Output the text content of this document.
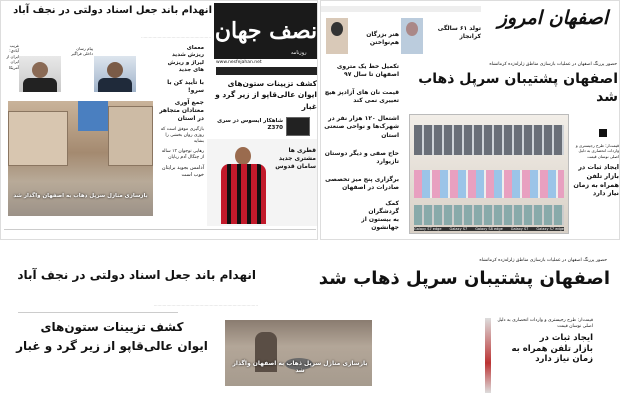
انهدام باند جعل اسناد دولتی در نجف آباد
....................................................... نصف جهان
روزنامه
www.nesfejahan.net
غريب آبادي: ايران از ايران آمريكا
پیام رسان داخلی فراگیر
معمای
ریزش شدید لیراژ و ریزش های جدید
با تأیید کن با سرو!
جمع آوری معتادان متجاهر در استان
بازگیری موفق است که روزی روان بخشی را بشاید
رهایی نوجوان ۱۳ ساله از چنگال آدم ربایان
آدامس بجوید برایتان خوب است
بازسازی منازل سرپل ذهاب به اصفهان واگذار شد
کشف تزیینات ستون‌های ایوان عالی‌قاپو از زیر گرد و غبار
شاهکار ایسوس در سری Z370
قطری ها مشتری جدید سامان قدوس
اصفهان امروز
هنر بزرگان هم‌نواختن
تولد ۶۱ سالگی کرانجاز
حضور پررنگ اصفهان در عملیات بازسازی مناطق زلزله‌زده کرمانشاه
اصفهان پشتیبان سرپل ذهاب شد
تکمیل خط یک متروی اصفهان تا سال ۹۷
قیمت نان های آزادپز هیچ تغییری نمی کند
اشتغال ۱۲۰ هزار نفر در شهرک‌ها و نواحی صنعتی استان
حاج صفی و دیگر دوستان تازیوارد
برگزاری پنج میز تخصصی صادرات در اصفهان
کمک گردشگران به بیستون از جهانشون	Galaxy S7 edge Galaxy S7 Galaxy S8 edge Galaxy S7 Galaxy S7 edge
قیمت‌ار: طرح رجیستری و واردات انحصاری به دلیل اصلی نوسان قیمت
ایجاد ثبات در بازار تلفن همراه به زمان نیاز دارد
حضور پررنگ اصفهان در عملیات بازسازی مناطق زلزله‌زده کرمانشاه
اصفهان پشتیبان سرپل ذهاب شد
انهدام باند جعل اسناد دولتی در نجف آباد
..................................................................................
کشف تزیینات ستون‌های
ایوان عالی‌قاپو از زیر گرد و غبار
بازسازی منازل سرپل ذهاب به اصفهان واگذار شد
قیمت‌ار: طرح رجیستری و واردات انحصاری به دلیل اصلی نوسان قیمت
ایجاد ثبات در
بازار تلفن همراه به
زمان نیاز دارد
